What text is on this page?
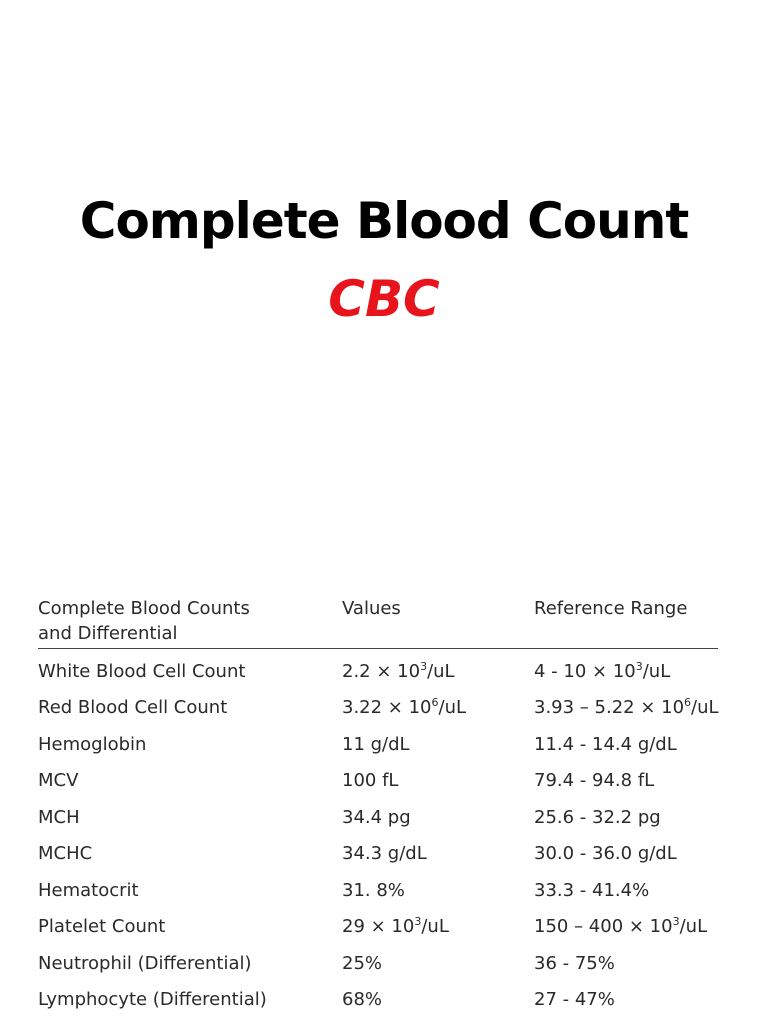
Complete Blood Count
CBC
Complete Blood Counts
and Differential
Values	Reference Range
White Blood Cell Count	$2.2 \times 10^3/uL$	$4 - 10 \times 10^3/uL$
Red Blood Cell Count	$3.22 \times 10^6/uL$	$3.93 - 5.22 \times 10^6/uL$
Hemoglobin	11 g/dL	11.4 - 14.4 g/dL
MCV	100 fL	79.4 - 94.8 fL
MCH	34.4 pg	25.6 - 32.2 pg
MCHC	34.3 g/dL	30.0 - 36.0 g/dL
Hematocrit	31. 8%	33.3 - 41.4%
Platelet Count	$29 \times 10^3/uL$	$150 - 400 \times 10^3/uL$
Neutrophil (Differential)	25%	36 - 75%
Lymphocyte (Differential)	68%	27 - 47%
